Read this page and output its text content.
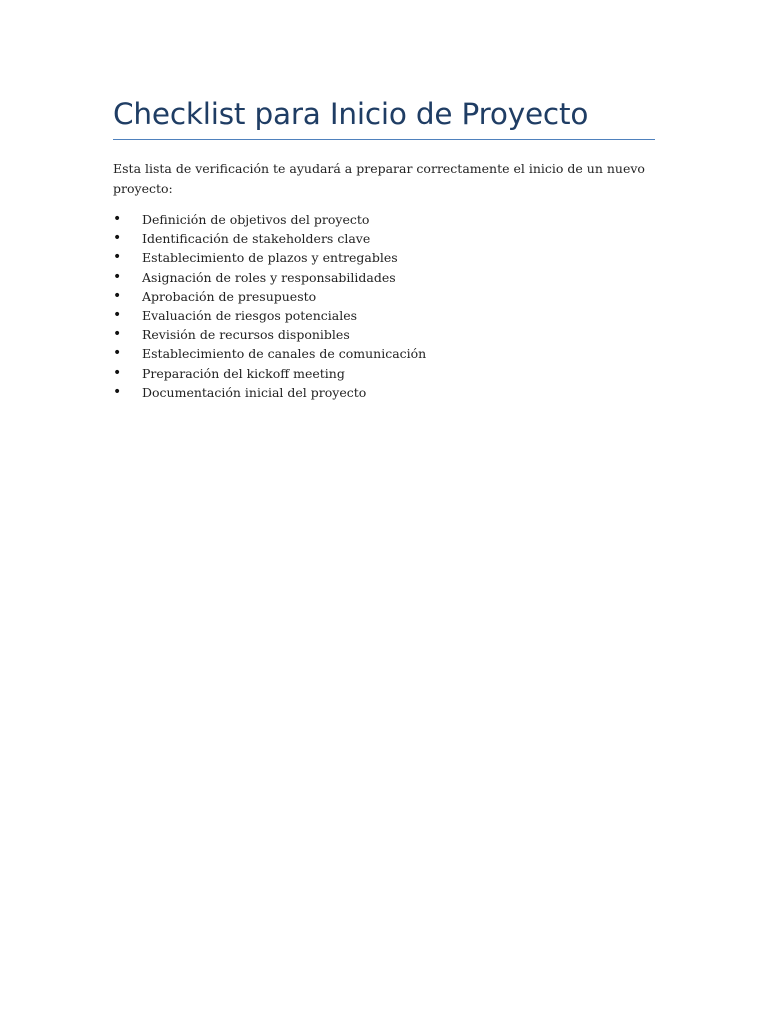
Checklist para Inicio de Proyecto

Esta lista de verificación te ayudará a preparar correctamente el inicio de un nuevo proyecto:

• Definición de objetivos del proyecto
• Identificación de stakeholders clave
• Establecimiento de plazos y entregables
• Asignación de roles y responsabilidades
• Aprobación de presupuesto
• Evaluación de riesgos potenciales
• Revisión de recursos disponibles
• Establecimiento de canales de comunicación
• Preparación del kickoff meeting
• Documentación inicial del proyecto
